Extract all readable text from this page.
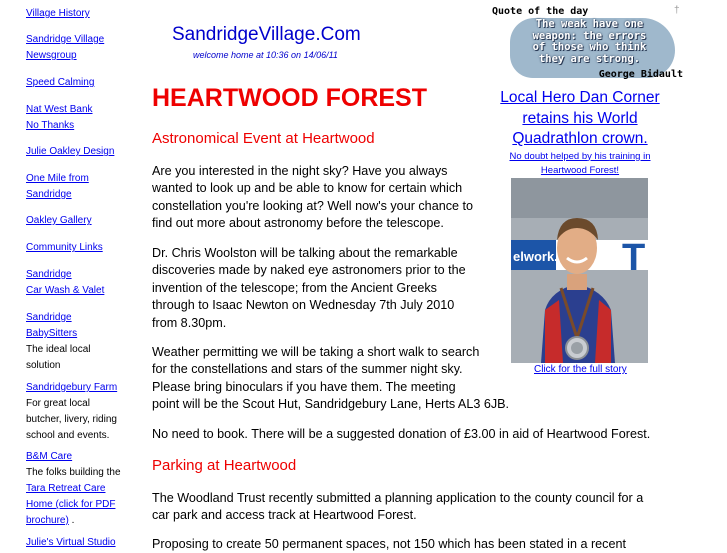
Village History
Sandridge Village
Newsgroup
Speed Calming
Nat West Bank
No Thanks
Julie Oakley Design
One Mile from
Sandridge
Oakley Gallery
Community Links
Sandridge
Car Wash & Valet
Sandridge
BabySitters
The ideal local
solution
Sandridgebury Farm
For great local
butcher, livery, riding
school and events.
B&M Care
The folks building the
Tara Retreat Care
Home (click for PDF
brochure) .
Julie's Virtual Studio
SandridgeVillage.Com
welcome home at 10:36 on 14/06/11
HEARTWOOD FOREST
Astronomical Event at Heartwood
Are you interested in the night sky? Have you always
wanted to look up and be able to know for certain which
constellation you're looking at? Well now's your chance to
find out more about astronomy before the telescope.
Dr. Chris Woolston will be talking about the remarkable
discoveries made by naked eye astronomers prior to the
invention of the telescope; from the Ancient Greeks
through to Isaac Newton on Wednesday 7th July 2010
from 8.30pm.
Weather permitting we will be taking a short walk to search
for the constellations and stars of the summer night sky.
Please bring binoculars if you have them. The meeting
point will be the Scout Hut, Sandridgebury Lane, Herts AL3 6JB.
No need to book. There will be a suggested donation of £3.00 in aid of Heartwood Forest.
Parking at Heartwood
The Woodland Trust recently submitted a planning application to the county council for a
car park and access track at Heartwood Forest.
Proposing to create 50 permanent spaces, not 150 which has been stated in a recent
Quote of the day
The weak have one
weapon: the errors
of those who think
they are strong.
George Bidault
†
Local Hero Dan Corner
retains his World
Quadrathlon crown.
No doubt helped by his training in
Heartwood Forest!
elwork. T
Click for the full story
